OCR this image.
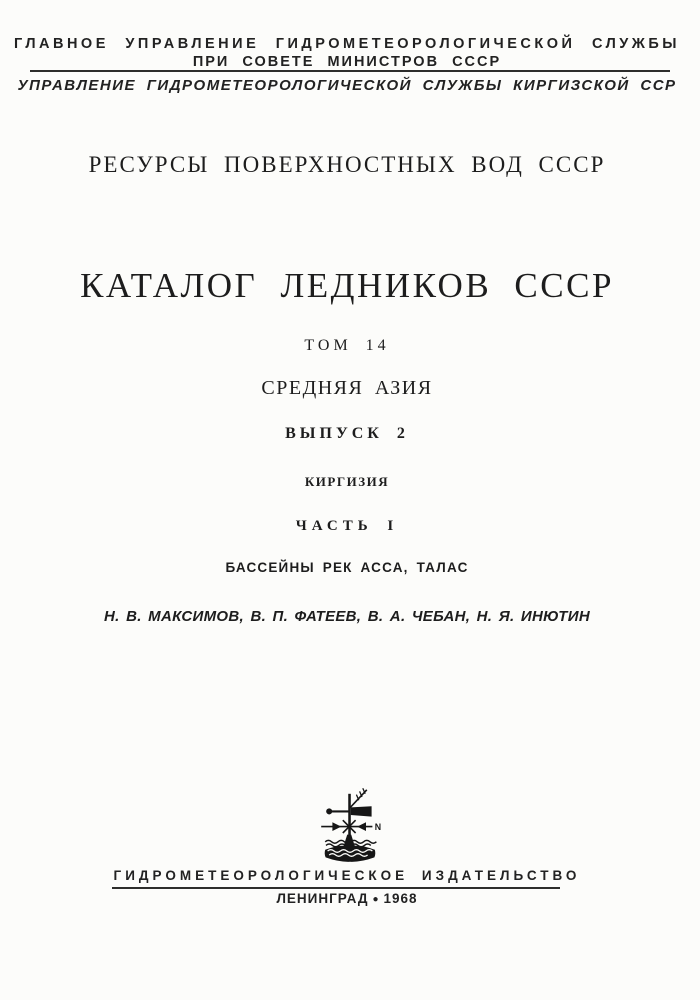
ГЛАВНОЕ УПРАВЛЕНИЕ ГИДРОМЕТЕОРОЛОГИЧЕСКОЙ СЛУЖБЫ
ПРИ СОВЕТЕ МИНИСТРОВ СССР
УПРАВЛЕНИЕ ГИДРОМЕТЕОРОЛОГИЧЕСКОЙ СЛУЖБЫ КИРГИЗСКОЙ ССР
РЕСУРСЫ ПОВЕРХНОСТНЫХ ВОД СССР
КАТАЛОГ ЛЕДНИКОВ СССР
ТОМ 14
СРЕДНЯЯ АЗИЯ
ВЫПУСК 2
КИРГИЗИЯ
ЧАСТЬ I
БАССЕЙНЫ РЕК АССА, ТАЛАС
Н. В. МАКСИМОВ, В. П. ФАТЕЕВ, В. А. ЧЕБАН, Н. Я. ИНЮТИН
N
ГИДРОМЕТЕОРОЛОГИЧЕСКОЕ ИЗДАТЕЛЬСТВО
ЛЕНИНГРАД ● 1968
